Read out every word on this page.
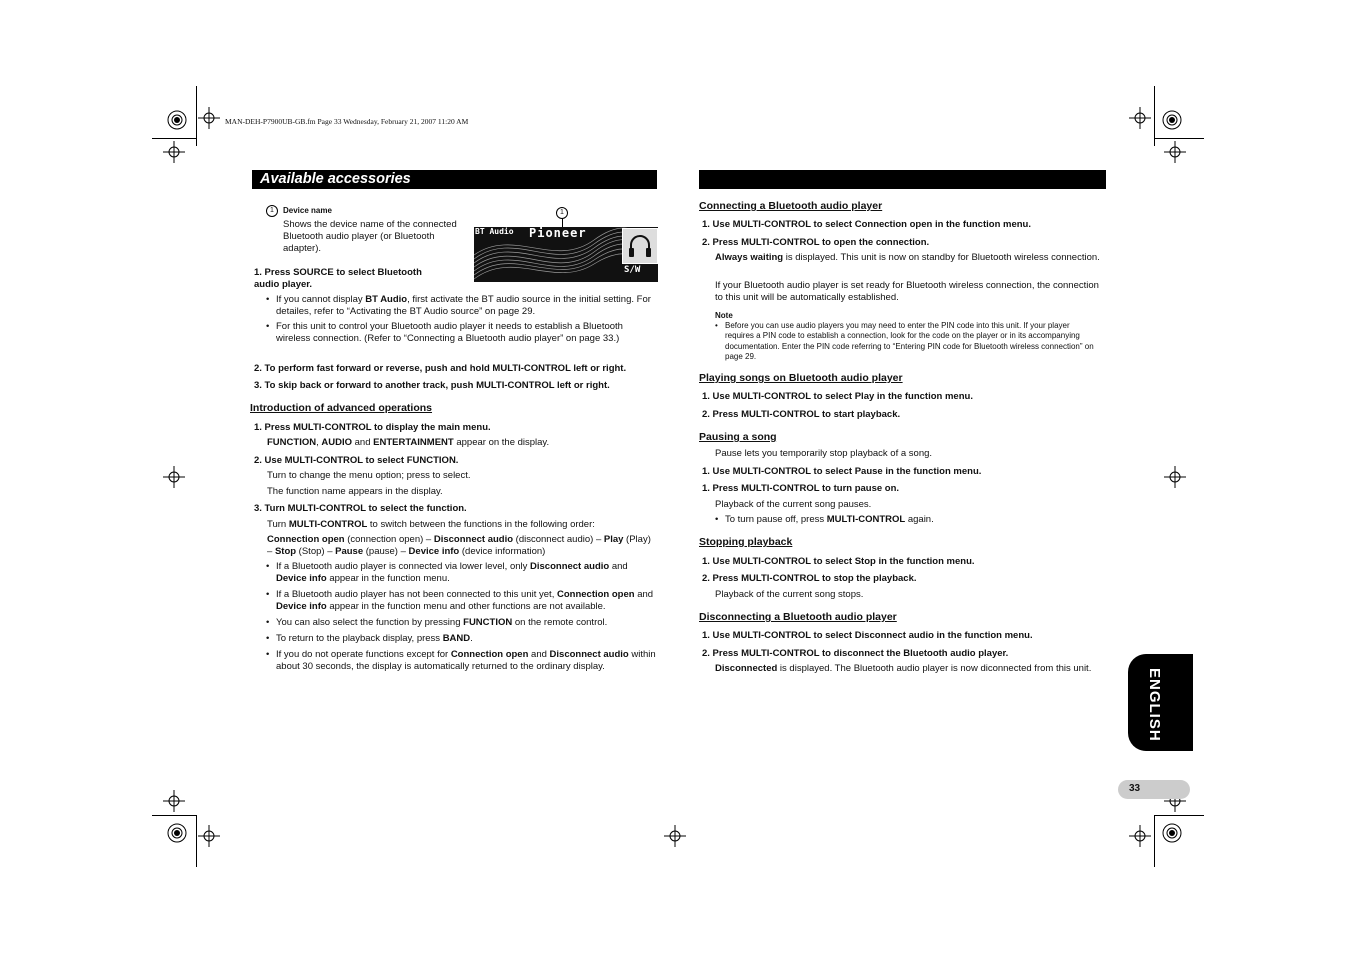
MAN-DEH-P7900UB-GB.fm Page 33 Wednesday, February 21, 2007 11:20 AM
Available accessories
1	Device name
Shows the device name of the connected Bluetooth audio player (or Bluetooth adapter).
1
BT Audio Pioneer
S/W
1. Press SOURCE to select Bluetooth audio player.
• If you cannot display BT Audio, first activate the BT audio source in the initial setting. For detailes, refer to “Activating the BT Audio source” on page 29.
• For this unit to control your Bluetooth audio player it needs to establish a Bluetooth wireless connection. (Refer to “Connecting a Bluetooth audio player” on page 33.)
2. To perform fast forward or reverse, push and hold MULTI-CONTROL left or right.
3. To skip back or forward to another track, push MULTI-CONTROL left or right.
Introduction of advanced operations
1. Press MULTI-CONTROL to display the main menu.
FUNCTION, AUDIO and ENTERTAINMENT appear on the display.
2. Use MULTI-CONTROL to select FUNCTION.
Turn to change the menu option; press to select.
The function name appears in the display.
3. Turn MULTI-CONTROL to select the function.
Turn MULTI-CONTROL to switch between the functions in the following order:
Connection open (connection open) – Disconnect audio (disconnect audio) – Play (Play) – Stop (Stop) – Pause (pause) – Device info (device information)
• If a Bluetooth audio player is connected via lower level, only Disconnect audio and Device info appear in the function menu.
• If a Bluetooth audio player has not been connected to this unit yet, Connection open and Device info appear in the function menu and other functions are not available.
• You can also select the function by pressing FUNCTION on the remote control.
• To return to the playback display, press BAND.
• If you do not operate functions except for Connection open and Disconnect audio within about 30 seconds, the display is automatically returned to the ordinary display.
Connecting a Bluetooth audio player
1. Use MULTI-CONTROL to select Connection open in the function menu.
2. Press MULTI-CONTROL to open the connection.
Always waiting is displayed. This unit is now on standby for Bluetooth wireless connection.
If your Bluetooth audio player is set ready for Bluetooth wireless connection, the connection to this unit will be automatically established.
Note
• Before you can use audio players you may need to enter the PIN code into this unit. If your player requires a PIN code to establish a connection, look for the code on the player or in its accompanying documentation. Enter the PIN code referring to “Entering PIN code for Bluetooth wireless connection” on page 29.
Playing songs on Bluetooth audio player
1. Use MULTI-CONTROL to select Play in the function menu.
2. Press MULTI-CONTROL to start playback.
Pausing a song
Pause lets you temporarily stop playback of a song.
1. Use MULTI-CONTROL to select Pause in the function menu.
1. Press MULTI-CONTROL to turn pause on.
Playback of the current song pauses.
• To turn pause off, press MULTI-CONTROL again.
Stopping playback
1. Use MULTI-CONTROL to select Stop in the function menu.
2. Press MULTI-CONTROL to stop the playback.
Playback of the current song stops.
Disconnecting a Bluetooth audio player
1. Use MULTI-CONTROL to select Disconnect audio in the function menu.
2. Press MULTI-CONTROL to disconnect the Bluetooth audio player.
Disconnected is displayed. The Bluetooth audio player is now diconnected from this unit.	ENGLISH
33
